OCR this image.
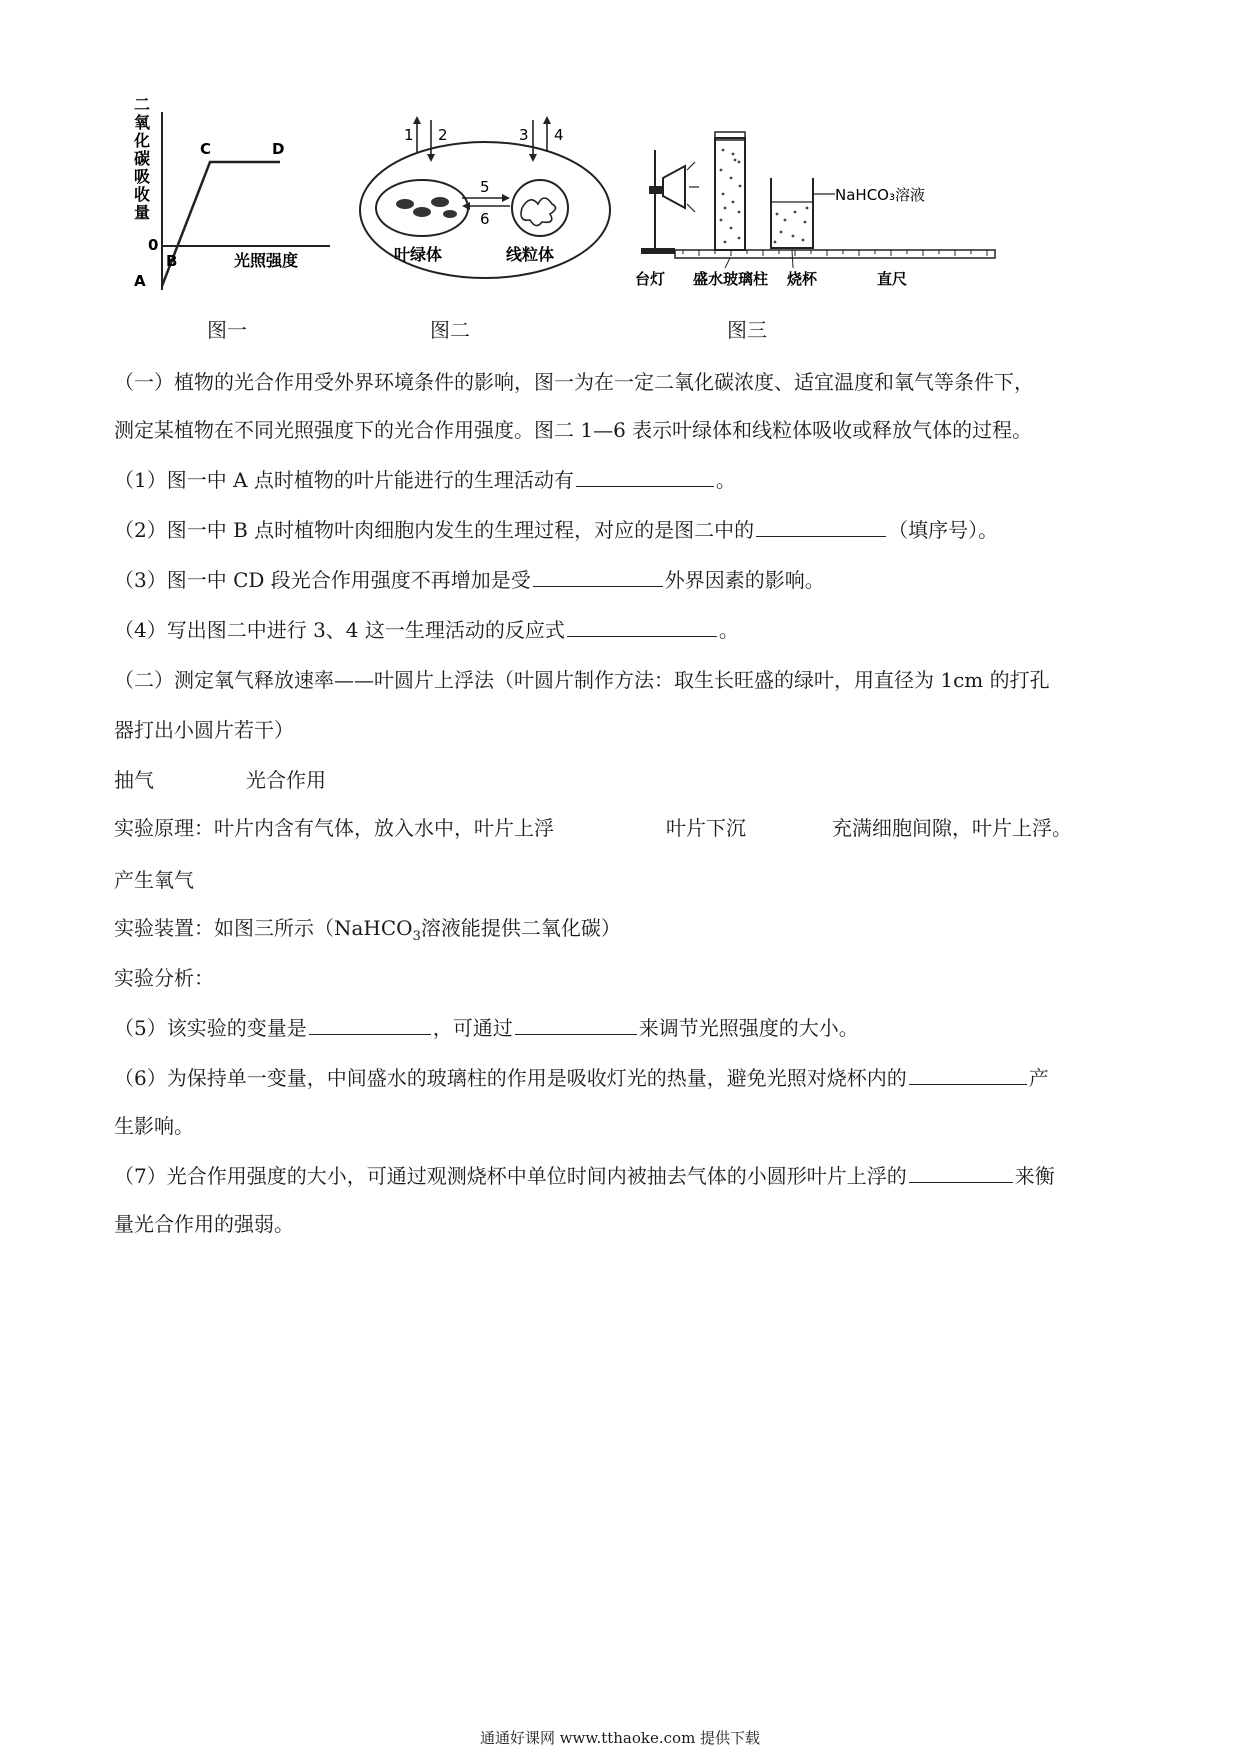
二氧化碳吸收量
0
A
B
C	D
光照强度
图一
1 2	3 4
5
6
叶绿体	线粒体
图二
NaHCO₃溶液
台灯 盛水玻璃柱 烧杯	直尺
图三
（一）植物的光合作用受外界环境条件的影响，图一为在一定二氧化碳浓度、适宜温度和氧气等条件下，
测定某植物在不同光照强度下的光合作用强度。图二 1—6 表示叶绿体和线粒体吸收或释放气体的过程。
（1）图一中 A 点时植物的叶片能进行的生理活动有	。
（2）图一中 B 点时植物叶肉细胞内发生的生理过程，对应的是图二中的	（填序号）。
（3）图一中 CD 段光合作用强度不再增加是受	外界因素的影响。
（4）写出图二中进行 3、4 这一生理活动的反应式	。
（二）测定氧气释放速率——叶圆片上浮法（叶圆片制作方法：取生长旺盛的绿叶，用直径为 1cm 的打孔
器打出小圆片若干）
抽气	光合作用
实验原理：叶片内含有气体，放入水中，叶片上浮	叶片下沉	充满细胞间隙，叶片上浮。
产生氧气
实验装置：如图三所示（NaHCO$_3$溶液能提供二氧化碳）
实验分析：
（5）该实验的变量是	，可通过	来调节光照强度的大小。
（6）为保持单一变量，中间盛水的玻璃柱的作用是吸收灯光的热量，避免光照对烧杯内的	产
生影响。
（7）光合作用强度的大小，可通过观测烧杯中单位时间内被抽去气体的小圆形叶片上浮的	来衡
量光合作用的强弱。
通通好课网 www.tthaoke.com 提供下载
